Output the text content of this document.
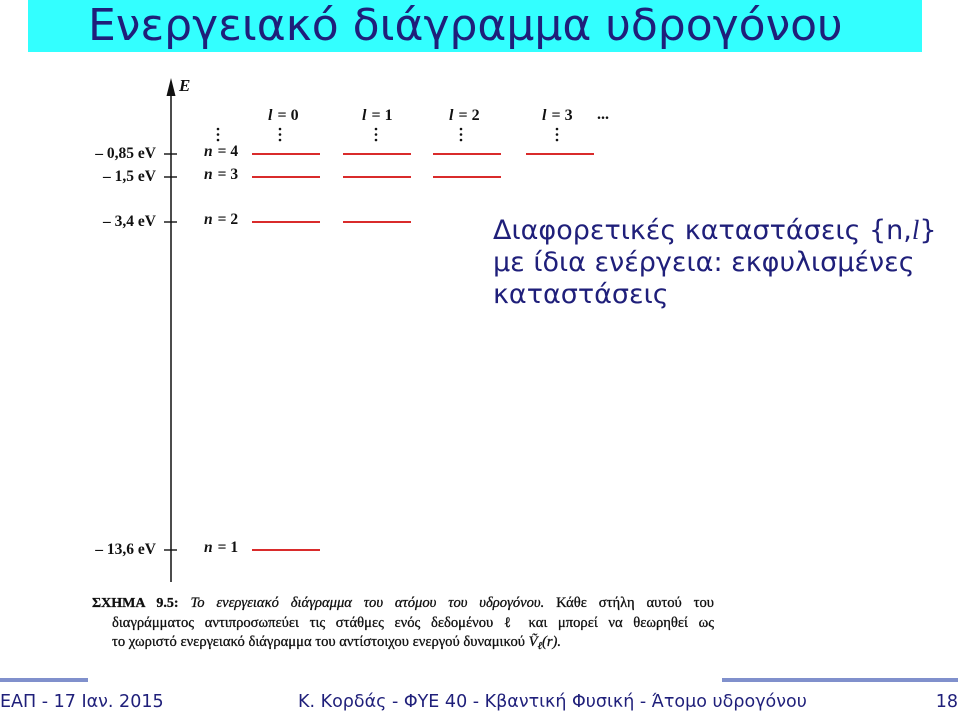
Ενεργειακό διάγραμμα υδρογόνου
E
...
l = 0	l = 1	l = 2	l = 3
– 0,85 eV	n = 4
– 1,5 eV	n = 3
– 3,4 eV	n = 2
– 13,6 eV	n = 1
Διαφορετικές καταστάσεις {n,l}
με ίδια ενέργεια: εκφυλισμένες
καταστάσεις
ΣΧΗΜΑ 9.5: Το ενεργειακό διάγραμμα του ατόμου του υδρογόνου. Κάθε στήλη αυτού του
διαγράμματος αντιπροσωπεύει τις στάθμες ενός δεδομένου ℓ και μπορεί να θεωρηθεί ως
το χωριστό ενεργειακό διάγραμμα του αντίστοιχου ενεργού δυναμικού Ṽ$_\ell$(r).
ΕΑΠ - 17 Ιαν. 2015	Κ. Κορδάς - ΦΥΕ 40 - Κβαντική Φυσική - Άτομο υδρογόνου	18
